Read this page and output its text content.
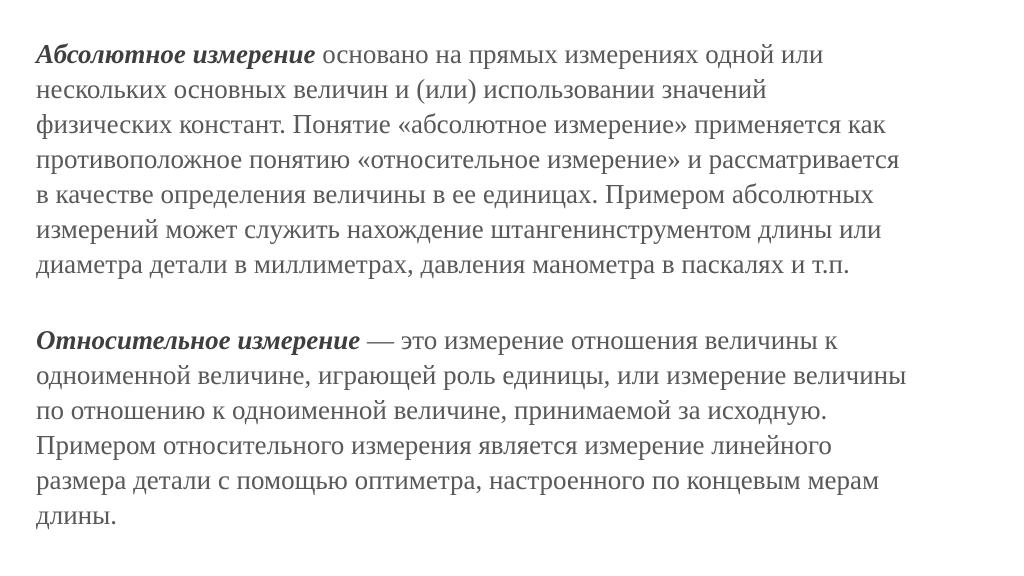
Абсолютное измерение основано на прямых измерениях одной или
нескольких основных величин и (или) использовании значений
физических констант. Понятие «абсолютное измерение» применяется как
противоположное понятию «относительное измерение» и рассматривается
в качестве определения величины в ее единицах. Примером абсолютных
измерений может служить нахождение штангенинструментом длины или
диаметра детали в миллиметрах, давления манометра в паскалях и т.п.
Относительное измерение — это измерение отношения величины к
одноименной величине, играющей роль единицы, или измерение величины
по отношению к одноименной величине, принимаемой за исходную.
Примером относительного измерения является измерение линейного
размера детали с помощью оптиметра, настроенного по концевым мерам
длины.
